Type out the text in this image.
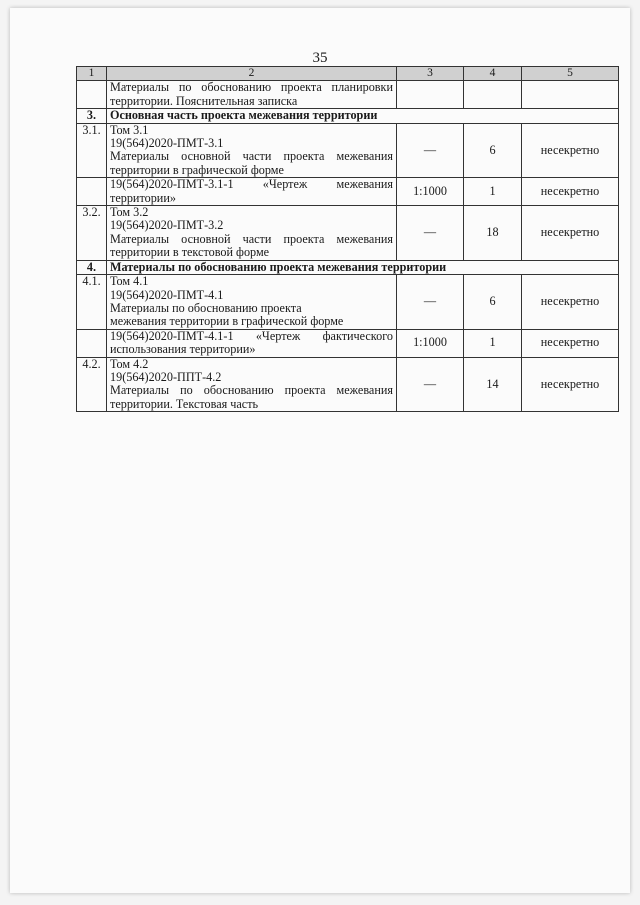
35
1	2	3	4	5

	Материалы по обоснованию проекта планировки
территории. Пояснительная записка			
3.	Основная часть проекта межевания территории			
3.1.	Том 3.1
19(564)2020-ПМТ-3.1
Материалы основной части проекта межевания
территории в графической форме	—	6	несекретно

	19(564)2020-ПМТ-3.1-1 «Чертеж межевания
территории»	1:1000	1	несекретно
3.2.	Том 3.2
19(564)2020-ПМТ-3.2
Материалы основной части проекта межевания
территории в текстовой форме	—	18	несекретно
4.	Материалы по обоснованию проекта межевания территории			
4.1.	Том 4.1
19(564)2020-ПМТ-4.1
Материалы по обоснованию проекта
межевания территории в графической форме	—	6	несекретно

	19(564)2020-ПМТ-4.1-1 «Чертеж фактического
использования территории»	1:1000	1	несекретно
4.2.	Том 4.2
19(564)2020-ППТ-4.2
Материалы по обоснованию проекта межевания
территории. Текстовая часть	—	14	несекретно
